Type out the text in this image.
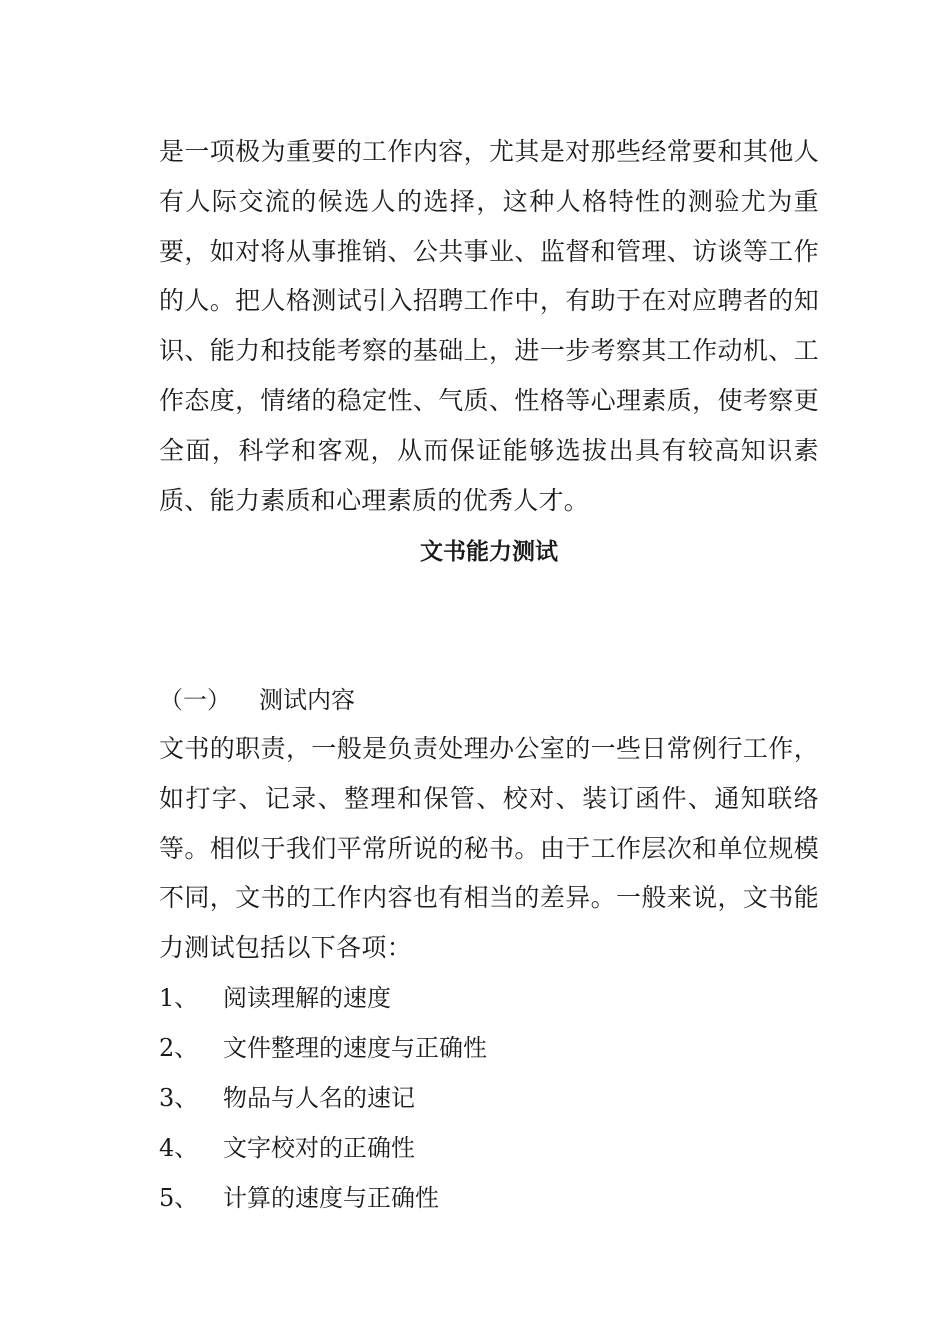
是一项极为重要的工作内容，尤其是对那些经常要和其他人有人际交流的候选人的选择，这种人格特性的测验尤为重要，如对将从事推销、公共事业、监督和管理、访谈等工作的人。把人格测试引入招聘工作中，有助于在对应聘者的知识、能力和技能考察的基础上，进一步考察其工作动机、工作态度，情绪的稳定性、气质、性格等心理素质，使考察更全面，科学和客观，从而保证能够选拔出具有较高知识素质、能力素质和心理素质的优秀人才。

文书能力测试

（一） 测试内容

文书的职责，一般是负责处理办公室的一些日常例行工作，如打字、记录、整理和保管、校对、装订函件、通知联络等。相似于我们平常所说的秘书。由于工作层次和单位规模不同，文书的工作内容也有相当的差异。一般来说，文书能力测试包括以下各项：

1、 阅读理解的速度
2、 文件整理的速度与正确性
3、 物品与人名的速记
4、 文字校对的正确性
5、 计算的速度与正确性
